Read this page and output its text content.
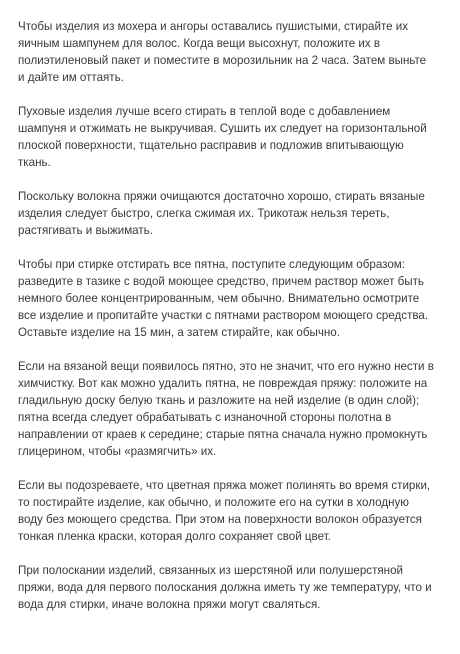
Чтобы изделия из мохера и ангоры оставались пушистыми, стирайте их
яичным шампунем для волос. Когда вещи высохнут, положите их в
полиэтиленовый пакет и поместите в морозильник на 2 часа. Затем выньте
и дайте им оттаять.

Пуховые изделия лучше всего стирать в теплой воде с добавлением
шампуня и отжимать не выкручивая. Сушить их следует на горизонтальной
плоской поверхности, тщательно расправив и подложив впитывающую
ткань.

Поскольку волокна пряжи очищаются достаточно хорошо, стирать вязаные
изделия следует быстро, слегка сжимая их. Трикотаж нельзя тереть,
растягивать и выжимать.

Чтобы при стирке отстирать все пятна, поступите следующим образом:
разведите в тазике с водой моющее средство, причем раствор может быть
немного более концентрированным, чем обычно. Внимательно осмотрите
все изделие и пропитайте участки с пятнами раствором моющего средства.
Оставьте изделие на 15 мин, а затем стирайте, как обычно.

Если на вязаной вещи появилось пятно, это не значит, что его нужно нести в
химчистку. Вот как можно удалить пятна, не повреждая пряжу: положите на
гладильную доску белую ткань и разложите на ней изделие (в один слой);
пятна всегда следует обрабатывать с изнаночной стороны полотна в
направлении от краев к середине; старые пятна сначала нужно промокнуть
глицерином, чтобы «размягчить» их.

Если вы подозреваете, что цветная пряжа может полинять во время стирки,
то постирайте изделие, как обычно, и положите его на сутки в холодную
воду без моющего средства. При этом на поверхности волокон образуется
тонкая пленка краски, которая долго сохраняет свой цвет.

При полоскании изделий, связанных из шерстяной или полушерстяной
пряжи, вода для первого полоскания должна иметь ту же температуру, что и
вода для стирки, иначе волокна пряжи могут сваляться.
